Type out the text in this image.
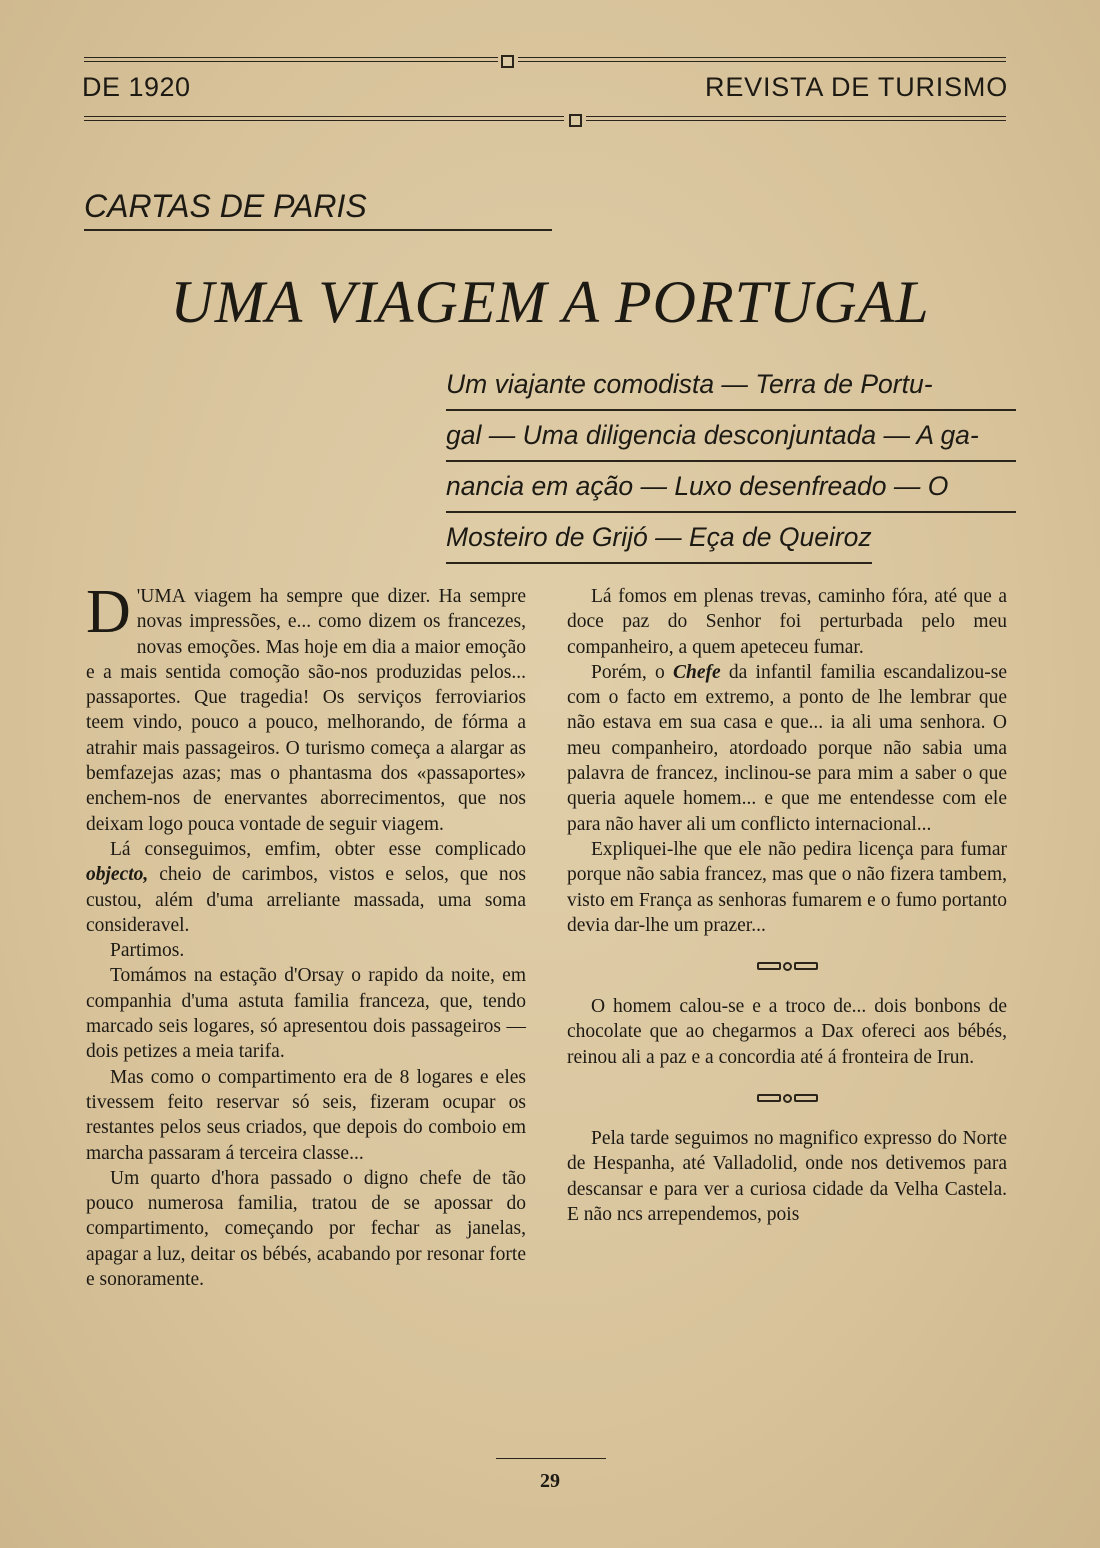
DE 1920	REVISTA DE TURISMO
CARTAS DE PARIS
UMA VIAGEM A PORTUGAL
Um viajante comodista — Terra de Portu-
gal — Uma diligencia desconjuntada — A ga-
nancia em ação — Luxo desenfreado — O
Mosteiro de Grijó — Eça de Queiroz

D 'UMA viagem ha sempre que dizer. Ha sempre novas impressões, e... como dizem os francezes, novas emoções. Mas hoje em dia a maior emoção e a mais sentida comoção são-nos produzidas pelos... passaportes. Que tragedia! Os serviços ferroviarios teem vindo, pouco a pouco, melhorando, de fórma a atrahir mais passageiros. O turismo começa a alargar as bemfazejas azas; mas o phantasma dos «passaportes» enchem-nos de enervantes aborrecimentos, que nos deixam logo pouca vontade de seguir viagem.

Lá conseguimos, emfim, obter esse complicado objecto, cheio de carimbos, vistos e selos, que nos custou, além d'uma arreliante massada, uma soma consideravel.

Partimos.

Tomámos na estação d'Orsay o rapido da noite, em companhia d'uma astuta familia franceza, que, tendo marcado seis logares, só apresentou dois passageiros — dois petizes a meia tarifa.

Mas como o compartimento era de 8 logares e eles tivessem feito reservar só seis, fizeram ocupar os restantes pelos seus criados, que depois do comboio em marcha passaram á terceira classe...

Um quarto d'hora passado o digno chefe de tão pouco numerosa familia, tratou de se apossar do compartimento, começando por fechar as janelas, apagar a luz, deitar os bébés, acabando por resonar forte e sonoramente.

Lá fomos em plenas trevas, caminho fóra, até que a doce paz do Senhor foi perturbada pelo meu companheiro, a quem apeteceu fumar.

Porém, o Chefe da infantil familia escandalizou-se com o facto em extremo, a ponto de lhe lembrar que não estava em sua casa e que... ia ali uma senhora. O meu companheiro, atordoado porque não sabia uma palavra de francez, inclinou-se para mim a saber o que queria aquele homem... e que me entendesse com ele para não haver ali um conflicto internacional...

Expliquei-lhe que ele não pedira licença para fumar porque não sabia francez, mas que o não fizera tambem, visto em França as senhoras fumarem e o fumo portanto devia dar-lhe um prazer...

O homem calou-se e a troco de... dois bonbons de chocolate que ao chegarmos a Dax ofereci aos bébés, reinou ali a paz e a concordia até á fronteira de Irun.

Pela tarde seguimos no magnifico expresso do Norte de Hespanha, até Valladolid, onde nos detivemos para descansar e para ver a curiosa cidade da Velha Castela. E não ncs arrependemos, pois

29
